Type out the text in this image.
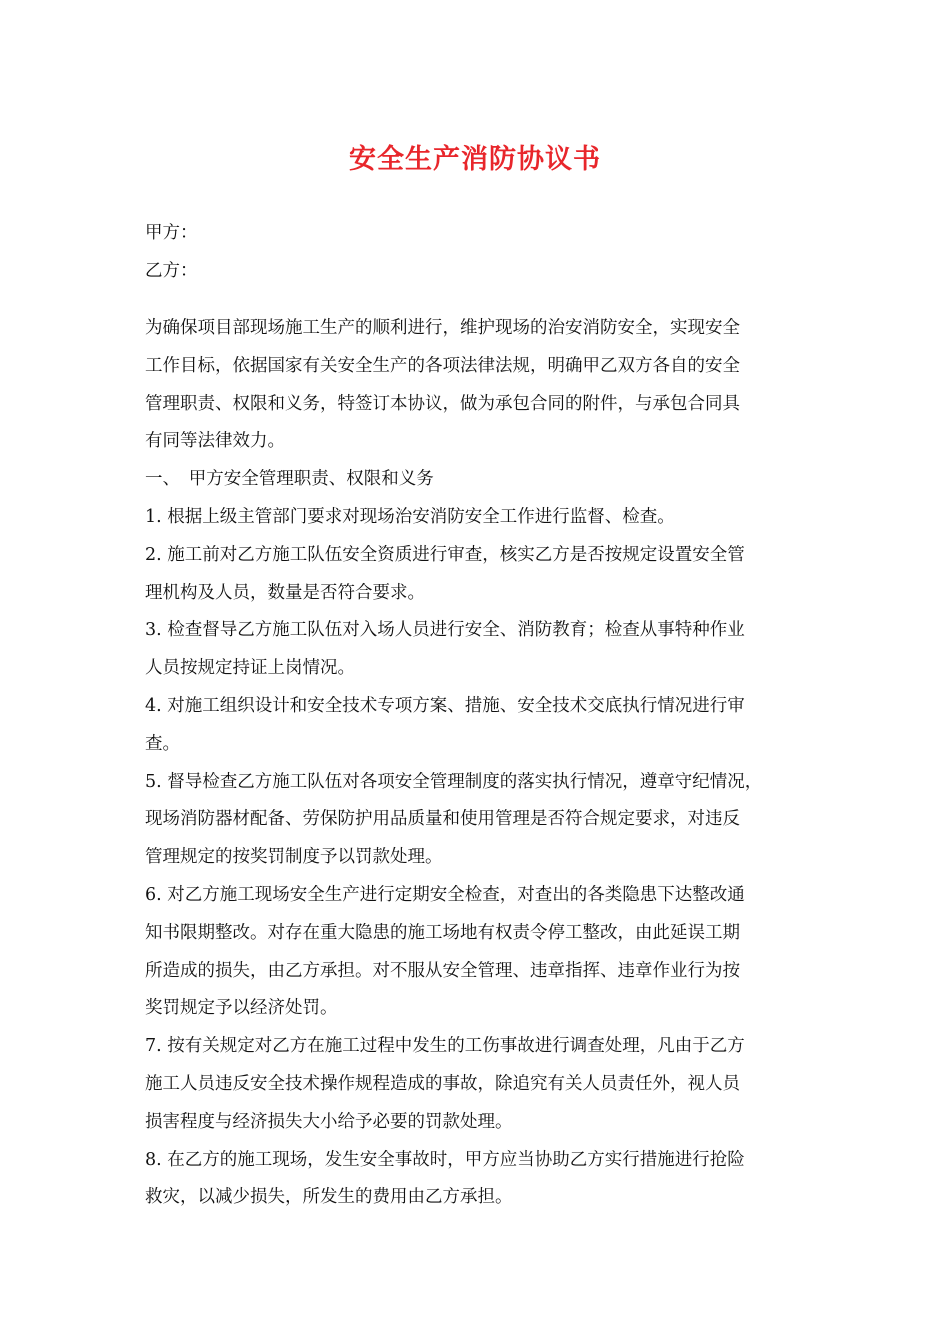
安全生产消防协议书
甲方：
乙方：
为确保项目部现场施工生产的顺利进行，维护现场的治安消防安全，实现安全
工作目标，依据国家有关安全生产的各项法律法规，明确甲乙双方各自的安全
管理职责、权限和义务，特签订本协议，做为承包合同的附件，与承包合同具
有同等法律效力。
一、　甲方安全管理职责、权限和义务
1. 根据上级主管部门要求对现场治安消防安全工作进行监督、检查。
2. 施工前对乙方施工队伍安全资质进行审查，核实乙方是否按规定设置安全管
理机构及人员，数量是否符合要求。
3. 检查督导乙方施工队伍对入场人员进行安全、消防教育；检查从事特种作业
人员按规定持证上岗情况。
4. 对施工组织设计和安全技术专项方案、措施、安全技术交底执行情况进行审
查。
5. 督导检查乙方施工队伍对各项安全管理制度的落实执行情况，遵章守纪情况，
现场消防器材配备、劳保防护用品质量和使用管理是否符合规定要求，对违反
管理规定的按奖罚制度予以罚款处理。
6. 对乙方施工现场安全生产进行定期安全检查，对查出的各类隐患下达整改通
知书限期整改。对存在重大隐患的施工场地有权责令停工整改，由此延误工期
所造成的损失，由乙方承担。对不服从安全管理、违章指挥、违章作业行为按
奖罚规定予以经济处罚。
7. 按有关规定对乙方在施工过程中发生的工伤事故进行调查处理，凡由于乙方
施工人员违反安全技术操作规程造成的事故，除追究有关人员责任外，视人员
损害程度与经济损失大小给予必要的罚款处理。
8. 在乙方的施工现场，发生安全事故时，甲方应当协助乙方实行措施进行抢险
救灾，以减少损失，所发生的费用由乙方承担。
